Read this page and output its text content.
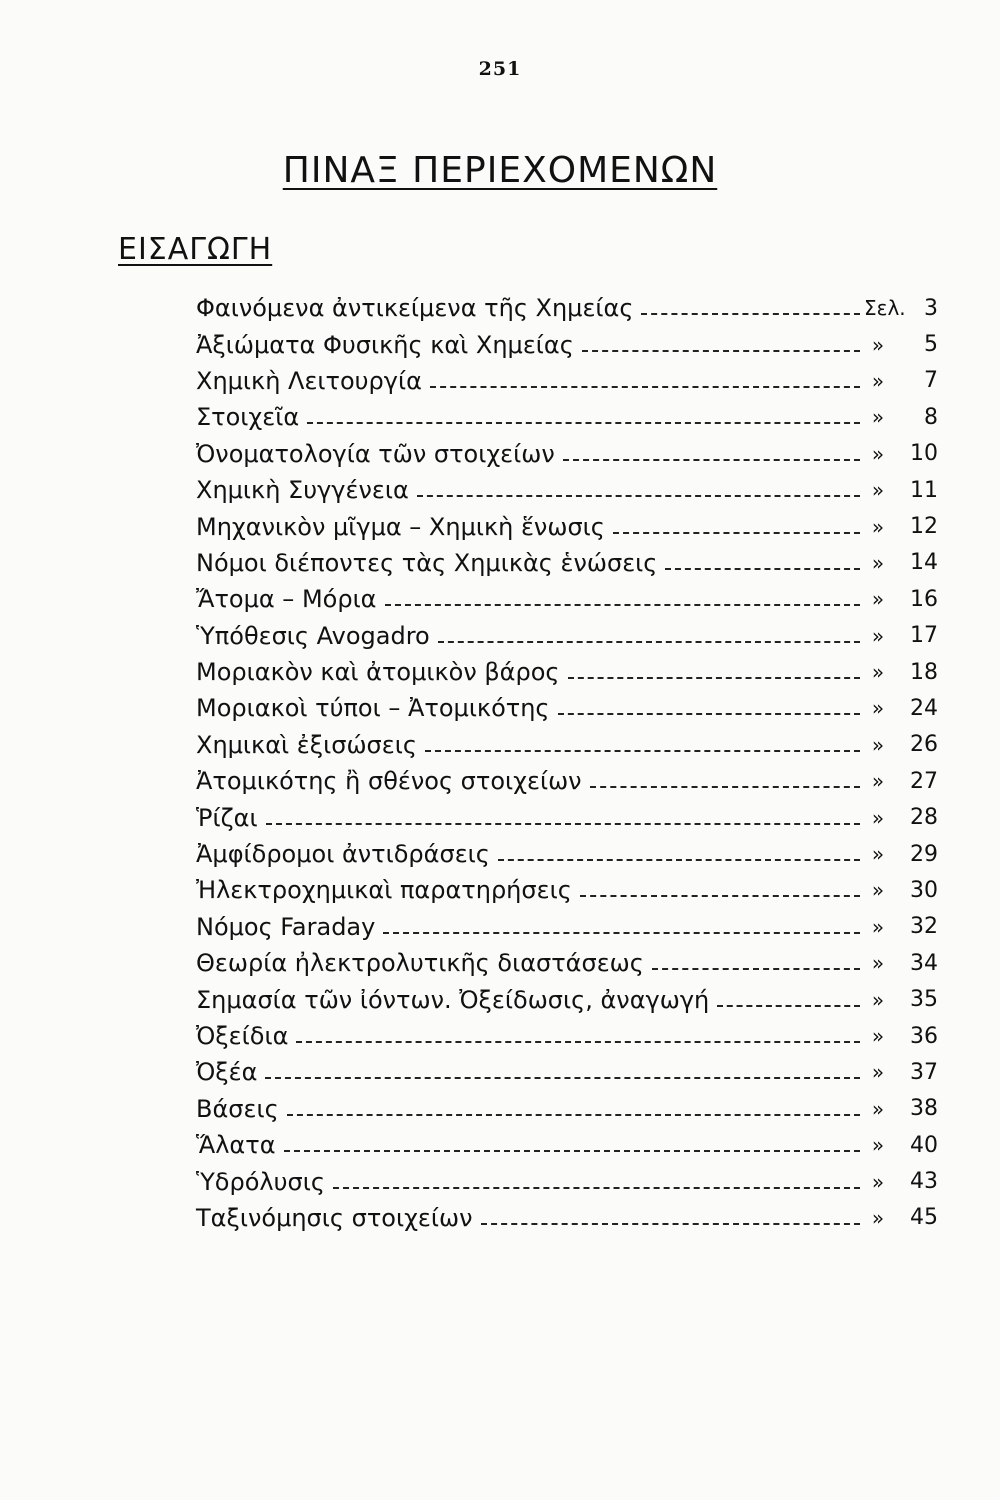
251
ΠΙΝΑΞ ΠΕΡΙΕΧΟΜΕΝΩΝ
ΕΙΣΑΓΩΓΗ
Φαινόμενα ἀντικείμενα τῆς Χημείας	Σελ. 3
Ἀξιώματα Φυσικῆς καὶ Χημείας	»	5
Χημικὴ Λειτουργία	»	7
Στοιχεῖα	»	8
Ὀνοματολογία τῶν στοιχείων	»	10
Χημικὴ Συγγένεια	»	11
Μηχανικὸν μῖγμα – Χημικὴ ἕνωσις	»	12
Νόμοι διέποντες τὰς Χημικὰς ἑνώσεις	»	14
Ἄτομα – Μόρια	»	16
Ὑπόθεσις Avogadro	»	17
Μοριακὸν καὶ ἀτομικὸν βάρος	»	18
Μοριακοὶ τύποι – Ἀτομικότης	»	24
Χημικαὶ ἐξισώσεις	»	26
Ἀτομικότης ἢ σθένος στοιχείων	»	27
Ῥίζαι	»	28
Ἀμφίδρομοι ἀντιδράσεις	»	29
Ἠλεκτροχημικαὶ παρατηρήσεις	»	30
Νόμος Faraday	»	32
Θεωρία ἠλεκτρολυτικῆς διαστάσεως	»	34
Σημασία τῶν ἰόντων. Ὀξείδωσις, ἀναγωγή	»	35
Ὀξείδια	»	36
Ὀξέα	»	37
Βάσεις	»	38
Ἅλατα	»	40
Ὑδρόλυσις	»	43
Ταξινόμησις στοιχείων	»	45
